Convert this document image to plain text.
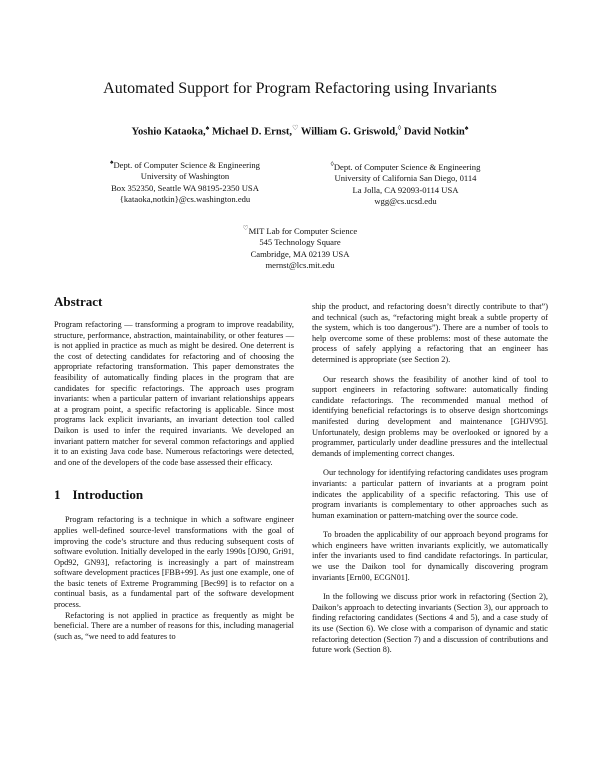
Automated Support for Program Refactoring using Invariants
Yoshio Kataoka,♠ Michael D. Ernst,♡ William G. Griswold,◊ David Notkin♠
♠Dept. of Computer Science & Engineering
University of Washington
Box 352350, Seattle WA 98195-2350 USA
{kataoka,notkin}@cs.washington.edu
◊Dept. of Computer Science & Engineering
University of California San Diego, 0114
La Jolla, CA 92093-0114 USA
wgg@cs.ucsd.edu
♡MIT Lab for Computer Science
545 Technology Square
Cambridge, MA 02139 USA
mernst@lcs.mit.edu
Abstract

Program refactoring — transforming a program to improve readability, structure, performance, abstraction, maintainability, or other features — is not applied in practice as much as might be desired. One deterrent is the cost of detecting candidates for refactoring and of choosing the appropriate refactoring transformation. This paper demonstrates the feasibility of automatically finding places in the program that are candidates for specific refactorings. The approach uses program invariants: when a particular pattern of invariant relationships appears at a program point, a specific refactoring is applicable. Since most programs lack explicit invariants, an invariant detection tool called Daikon is used to infer the required invariants. We developed an invariant pattern matcher for several common refactorings and applied it to an existing Java code base. Numerous refactorings were detected, and one of the developers of the code base assessed their efficacy.

1 Introduction

Program refactoring is a technique in which a software engineer applies well-defined source-level transformations with the goal of improving the code’s structure and thus reducing subsequent costs of software evolution. Initially developed in the early 1990s [OJ90, Gri91, Opd92, GN93], refactoring is increasingly a part of mainstream software development practices [FBB+99]. As just one example, one of the basic tenets of Extreme Programming [Bec99] is to refactor on a continual basis, as a fundamental part of the software development process.

Refactoring is not applied in practice as frequently as might be beneficial. There are a number of reasons for this, including managerial (such as, “we need to add features to

ship the product, and refactoring doesn’t directly contribute to that”) and technical (such as, “refactoring might break a subtle property of the system, which is too dangerous”). There are a number of tools to help overcome some of these problems: most of these automate the process of safely applying a refactoring that an engineer has determined is appropriate (see Section 2).

Our research shows the feasibility of another kind of tool to support engineers in refactoring software: automatically finding candidate refactorings. The recommended manual method of identifying beneficial refactorings is to observe design shortcomings manifested during development and maintenance [GHJV95]. Unfortunately, design problems may be overlooked or ignored by a programmer, particularly under deadline pressures and the intellectual demands of implementing correct changes.

Our technology for identifying refactoring candidates uses program invariants: a particular pattern of invariants at a program point indicates the applicability of a specific refactoring. This use of program invariants is complementary to other approaches such as human examination or pattern-matching over the source code.

To broaden the applicability of our approach beyond programs for which engineers have written invariants explicitly, we automatically infer the invariants used to find candidate refactorings. In particular, we use the Daikon tool for dynamically discovering program invariants [Ern00, ECGN01].

In the following we discuss prior work in refactoring (Section 2), Daikon’s approach to detecting invariants (Section 3), our approach to finding refactoring candidates (Sections 4 and 5), and a case study of its use (Section 6). We close with a comparison of dynamic and static refactoring detection (Section 7) and a discussion of contributions and future work (Section 8).
